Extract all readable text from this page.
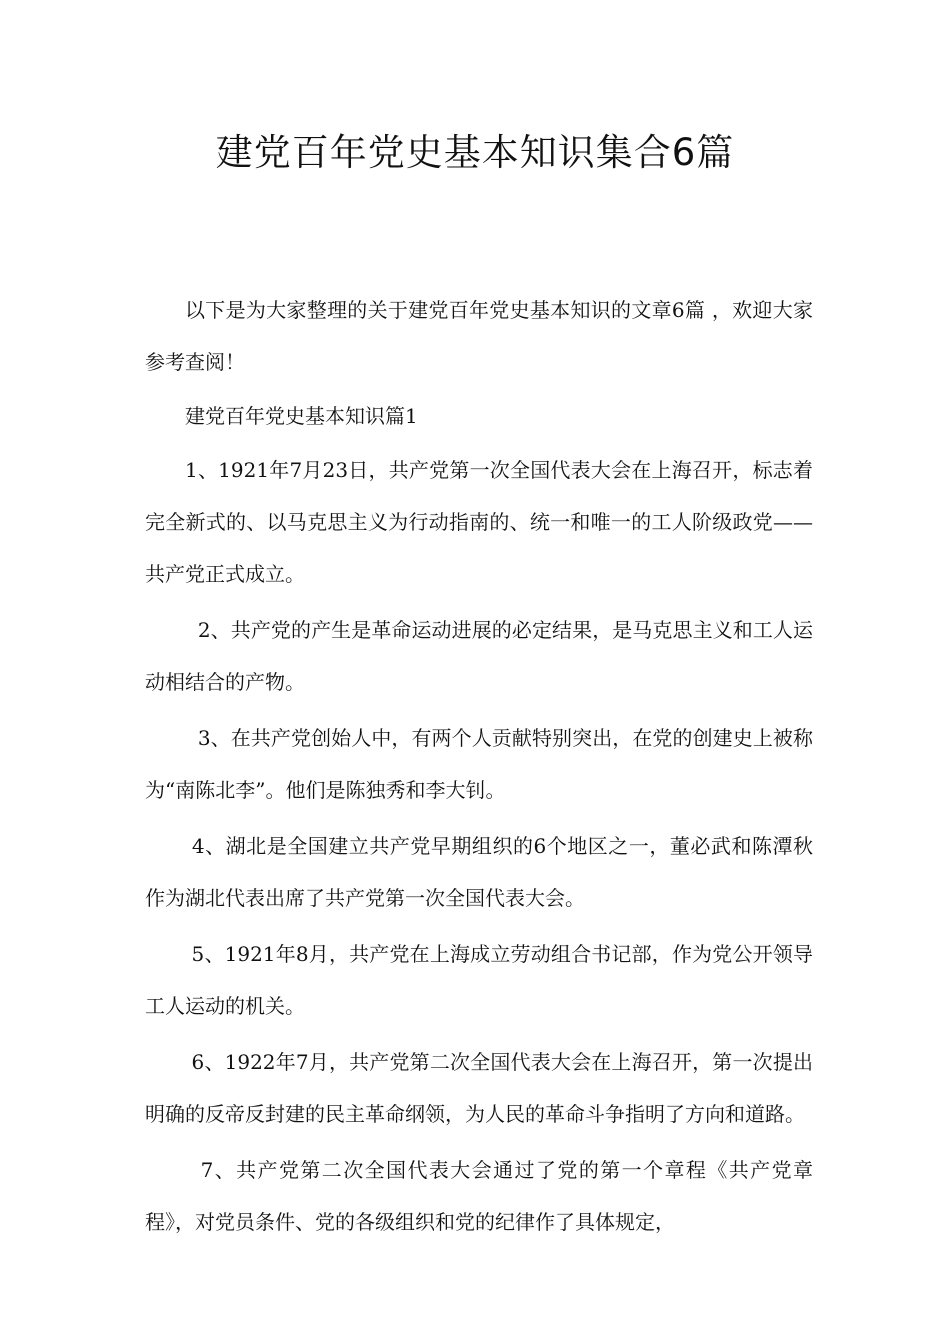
建党百年党史基本知识集合6篇

以下是为大家整理的关于建党百年党史基本知识的文章6篇 ，欢迎大家参考查阅！

建党百年党史基本知识篇1

1、1921年7月23日，共产党第一次全国代表大会在上海召开，标志着完全新式的、以马克思主义为行动指南的、统一和唯一的工人阶级政党——共产党正式成立。

2、共产党的产生是革命运动进展的必定结果，是马克思主义和工人运动相结合的产物。

3、在共产党创始人中，有两个人贡献特别突出，在党的创建史上被称为“南陈北李”。他们是陈独秀和李大钊。

4、湖北是全国建立共产党早期组织的6个地区之一，董必武和陈潭秋作为湖北代表出席了共产党第一次全国代表大会。

5、1921年8月，共产党在上海成立劳动组合书记部，作为党公开领导工人运动的机关。

6、1922年7月，共产党第二次全国代表大会在上海召开，第一次提出明确的反帝反封建的民主革命纲领，为人民的革命斗争指明了方向和道路。

7、共产党第二次全国代表大会通过了党的第一个章程《共产党章程》，对党员条件、党的各级组织和党的纪律作了具体规定，
